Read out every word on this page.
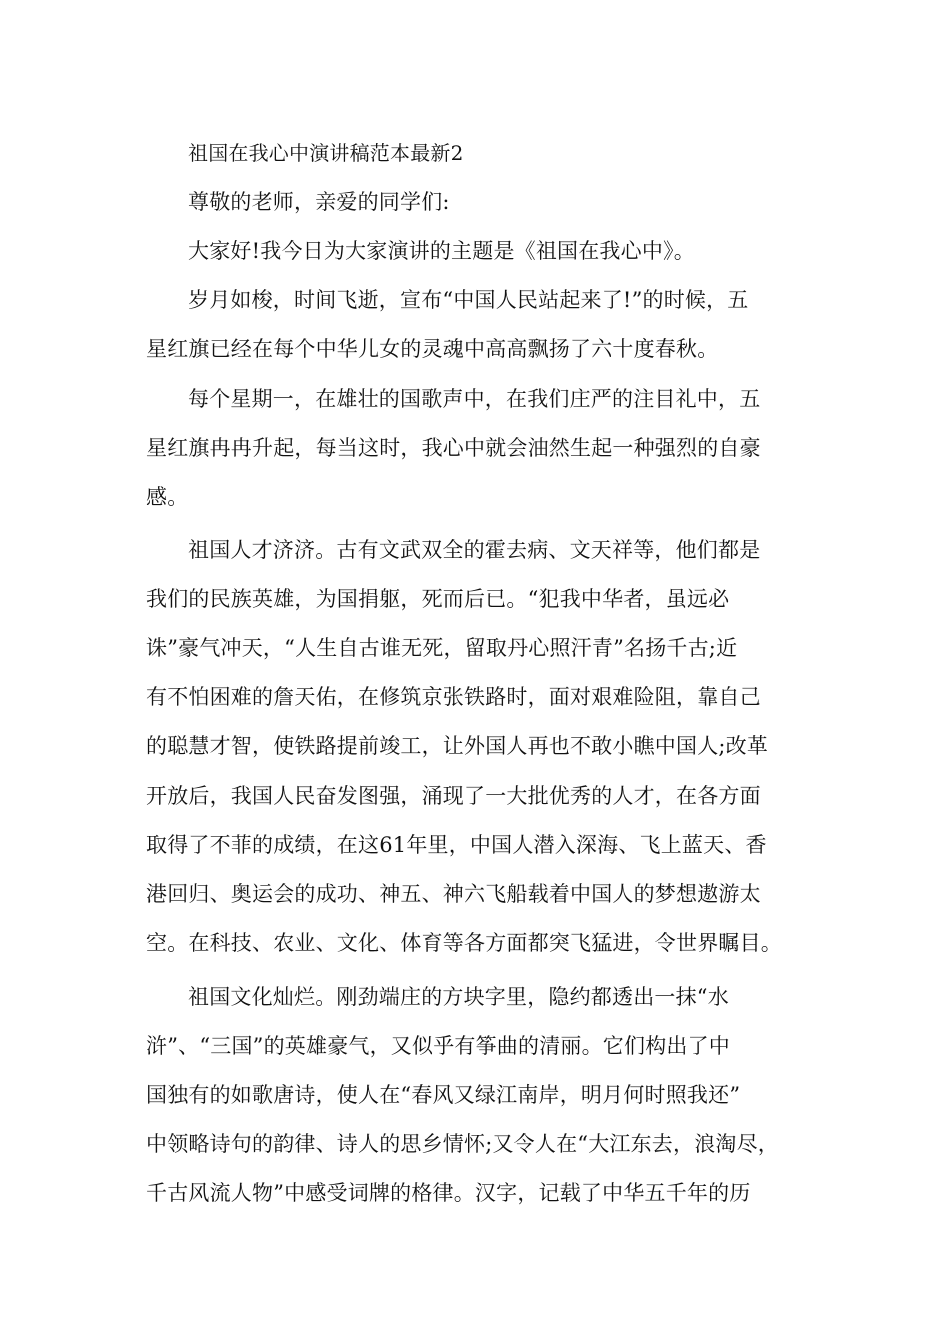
祖国在我心中演讲稿范本最新2
尊敬的老师，亲爱的同学们:
大家好!我今日为大家演讲的主题是《祖国在我心中》。
岁月如梭，时间飞逝，宣布“中国人民站起来了!”的时候，五
星红旗已经在每个中华儿女的灵魂中高高飘扬了六十度春秋。
每个星期一，在雄壮的国歌声中，在我们庄严的注目礼中，五
星红旗冉冉升起，每当这时，我心中就会油然生起一种强烈的自豪
感。
祖国人才济济。古有文武双全的霍去病、文天祥等，他们都是
我们的民族英雄，为国捐躯，死而后已。“犯我中华者，虽远必
诛”豪气冲天，“人生自古谁无死，留取丹心照汗青”名扬千古;近
有不怕困难的詹天佑，在修筑京张铁路时，面对艰难险阻，靠自己
的聪慧才智，使铁路提前竣工，让外国人再也不敢小瞧中国人;改革
开放后，我国人民奋发图强，涌现了一大批优秀的人才，在各方面
取得了不菲的成绩，在这61年里，中国人潜入深海、飞上蓝天、香
港回归、奥运会的成功、神五、神六飞船载着中国人的梦想遨游太
空。在科技、农业、文化、体育等各方面都突飞猛进，令世界瞩目。
祖国文化灿烂。刚劲端庄的方块字里，隐约都透出一抹“水
浒”、“三国”的英雄豪气，又似乎有筝曲的清丽。它们构出了中
国独有的如歌唐诗，使人在“春风又绿江南岸，明月何时照我还”
中领略诗句的韵律、诗人的思乡情怀;又令人在“大江东去，浪淘尽，
千古风流人物”中感受词牌的格律。汉字，记载了中华五千年的历
